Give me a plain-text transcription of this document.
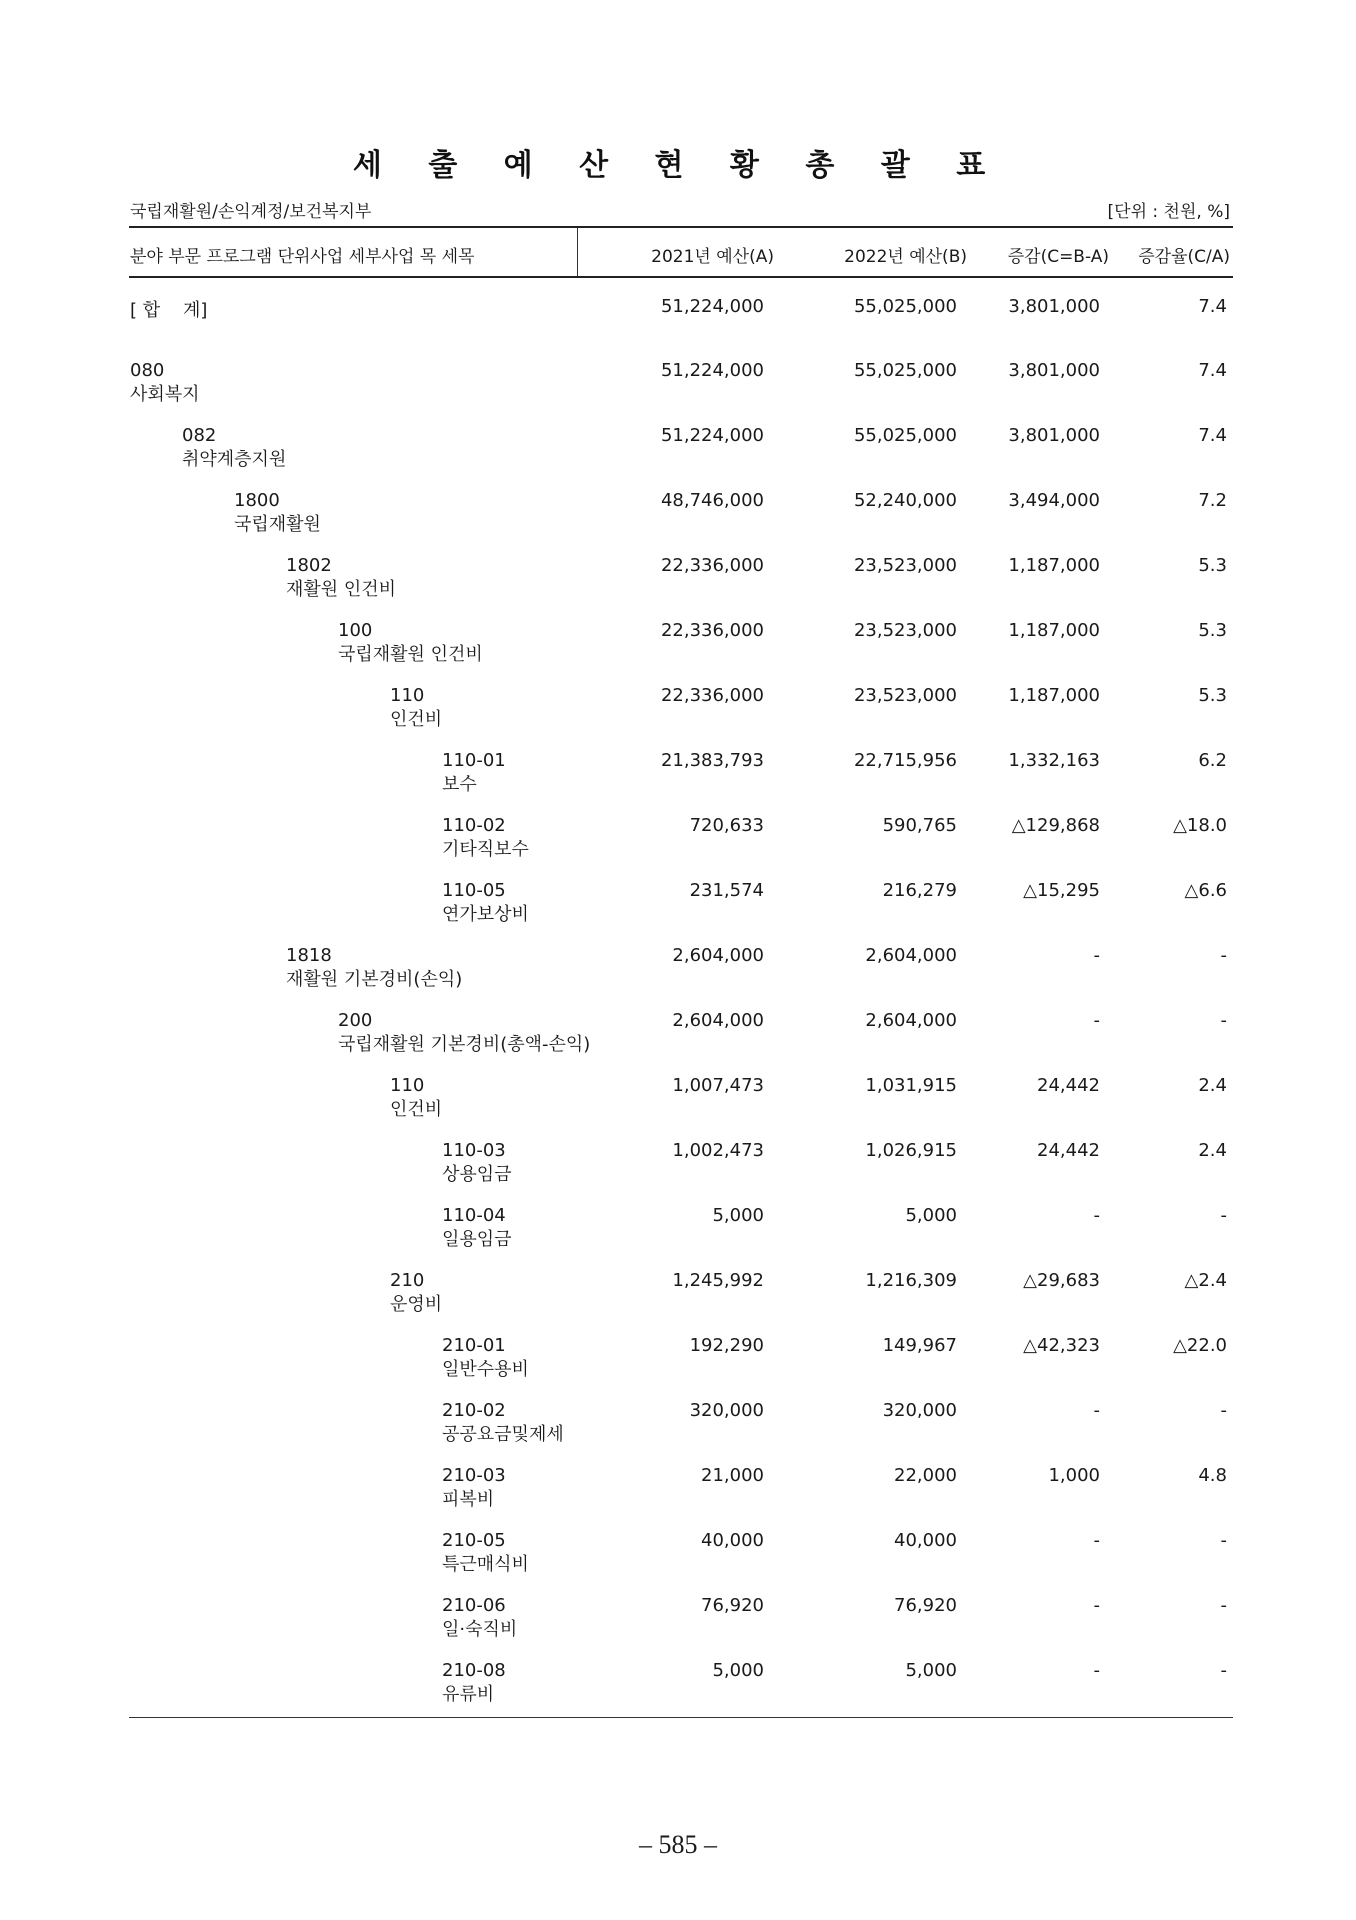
세 출 예 산 현 황 총 괄 표
국립재활원/손익계정/보건복지부	[단위 : 천원, %]
분야 부문 프로그램 단위사업 세부사업 목 세목	2021년 예산(A)	2022년 예산(B) 증감(C=B-A) 증감율(C/A)
[ 합    계]	51,224,000	55,025,000	3,801,000	7.4
080
사회복지
51,224,000	55,025,000	3,801,000	7.4
082
취약계층지원
51,224,000	55,025,000	3,801,000	7.4
1800
국립재활원
48,746,000	52,240,000	3,494,000	7.2
1802
재활원 인건비
22,336,000	23,523,000	1,187,000	5.3
100
국립재활원 인건비
22,336,000	23,523,000	1,187,000	5.3
110
인건비
22,336,000	23,523,000	1,187,000	5.3
110-01
보수
21,383,793	22,715,956	1,332,163	6.2
110-02
기타직보수
720,633	590,765	△129,868	△18.0
110-05
연가보상비
231,574	216,279	△15,295	△6.6
1818
재활원 기본경비(손익)
2,604,000	2,604,000	-	-
200
국립재활원 기본경비(총액-손익)
2,604,000	2,604,000	-	-
110
인건비
1,007,473	1,031,915	24,442	2.4
110-03
상용임금
1,002,473	1,026,915	24,442	2.4
110-04
일용임금
5,000	5,000	-	-
210
운영비
1,245,992	1,216,309	△29,683	△2.4
210-01
일반수용비
192,290	149,967	△42,323	△22.0
210-02
공공요금및제세
320,000	320,000	-	-
210-03
피복비
21,000	22,000	1,000	4.8
210-05
특근매식비
40,000	40,000	-	-
210-06
일·숙직비
76,920	76,920	-	-
210-08
유류비
5,000	5,000	-	-
– 585 –
